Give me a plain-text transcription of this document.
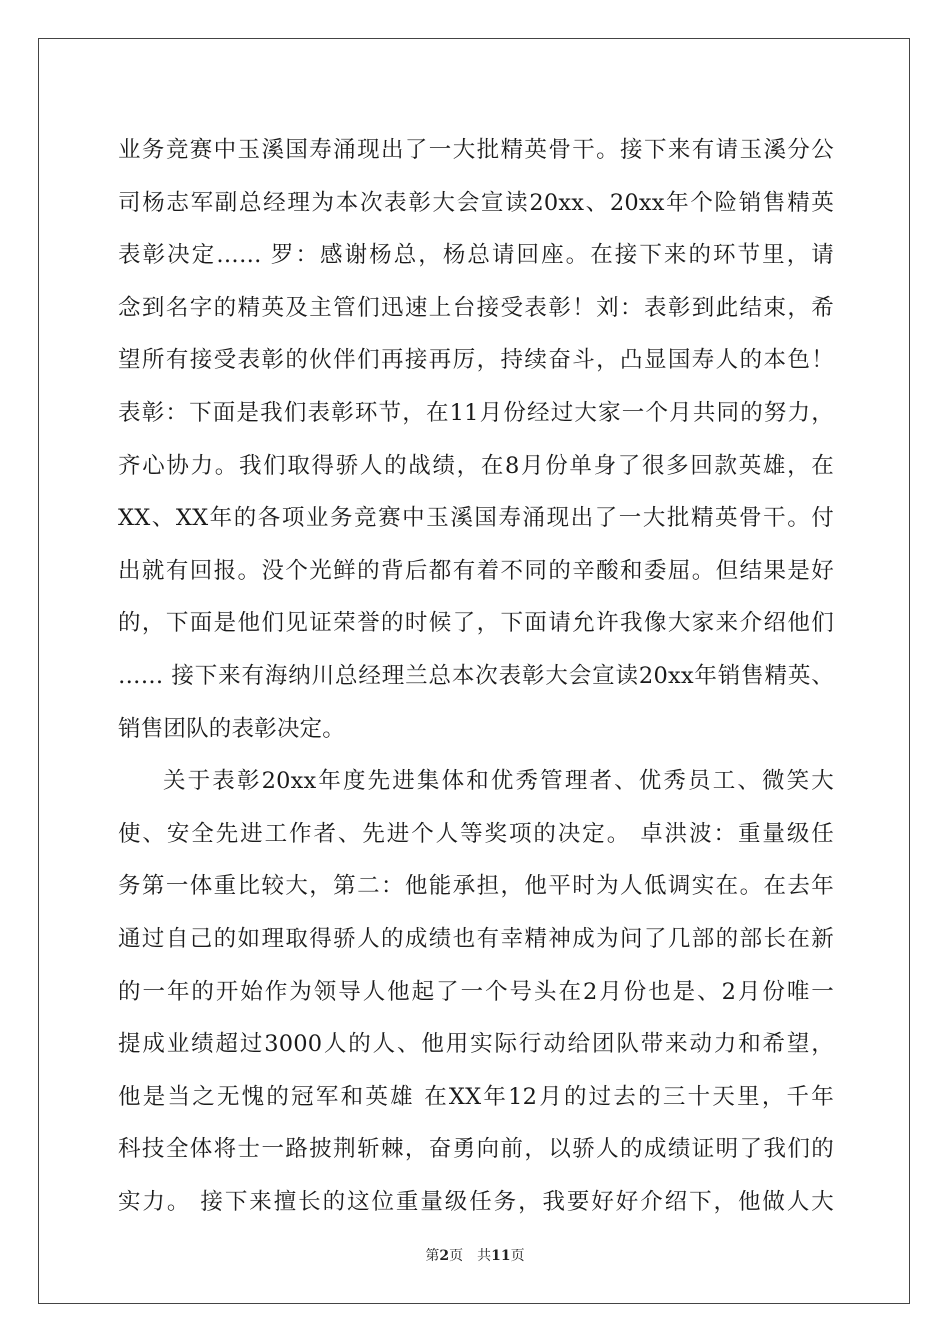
业务竞赛中玉溪国寿涌现出了一大批精英骨干。接下来有请玉溪分公
司杨志军副总经理为本次表彰大会宣读20xx、20xx年个险销售精英
表彰决定…… 罗：感谢杨总，杨总请回座。在接下来的环节里，请
念到名字的精英及主管们迅速上台接受表彰！刘：表彰到此结束，希
望所有接受表彰的伙伴们再接再厉，持续奋斗，凸显国寿人的本色！
表彰：下面是我们表彰环节，在11月份经过大家一个月共同的努力，
齐心协力。我们取得骄人的战绩，在8月份单身了很多回款英雄，在
XX、XX年的各项业务竞赛中玉溪国寿涌现出了一大批精英骨干。付
出就有回报。没个光鲜的背后都有着不同的辛酸和委屈。但结果是好
的，下面是他们见证荣誉的时候了，下面请允许我像大家来介绍他们
…… 接下来有海纳川总经理兰总本次表彰大会宣读20xx年销售精英、
销售团队的表彰决定。
关于表彰20xx年度先进集体和优秀管理者、优秀员工、微笑大
使、安全先进工作者、先进个人等奖项的决定。 卓洪波：重量级任
务第一体重比较大，第二：他能承担，他平时为人低调实在。在去年
通过自己的如理取得骄人的成绩也有幸精神成为问了几部的部长在新
的一年的开始作为领导人他起了一个号头在2月份也是、2月份唯一
提成业绩超过3000人的人、他用实际行动给团队带来动力和希望，
他是当之无愧的冠军和英雄 在XX年12月的过去的三十天里，千年
科技全体将士一路披荆斩棘，奋勇向前，以骄人的成绩证明了我们的
实力。 接下来擅长的这位重量级任务，我要好好介绍下，他做人大
第2页 共11页
